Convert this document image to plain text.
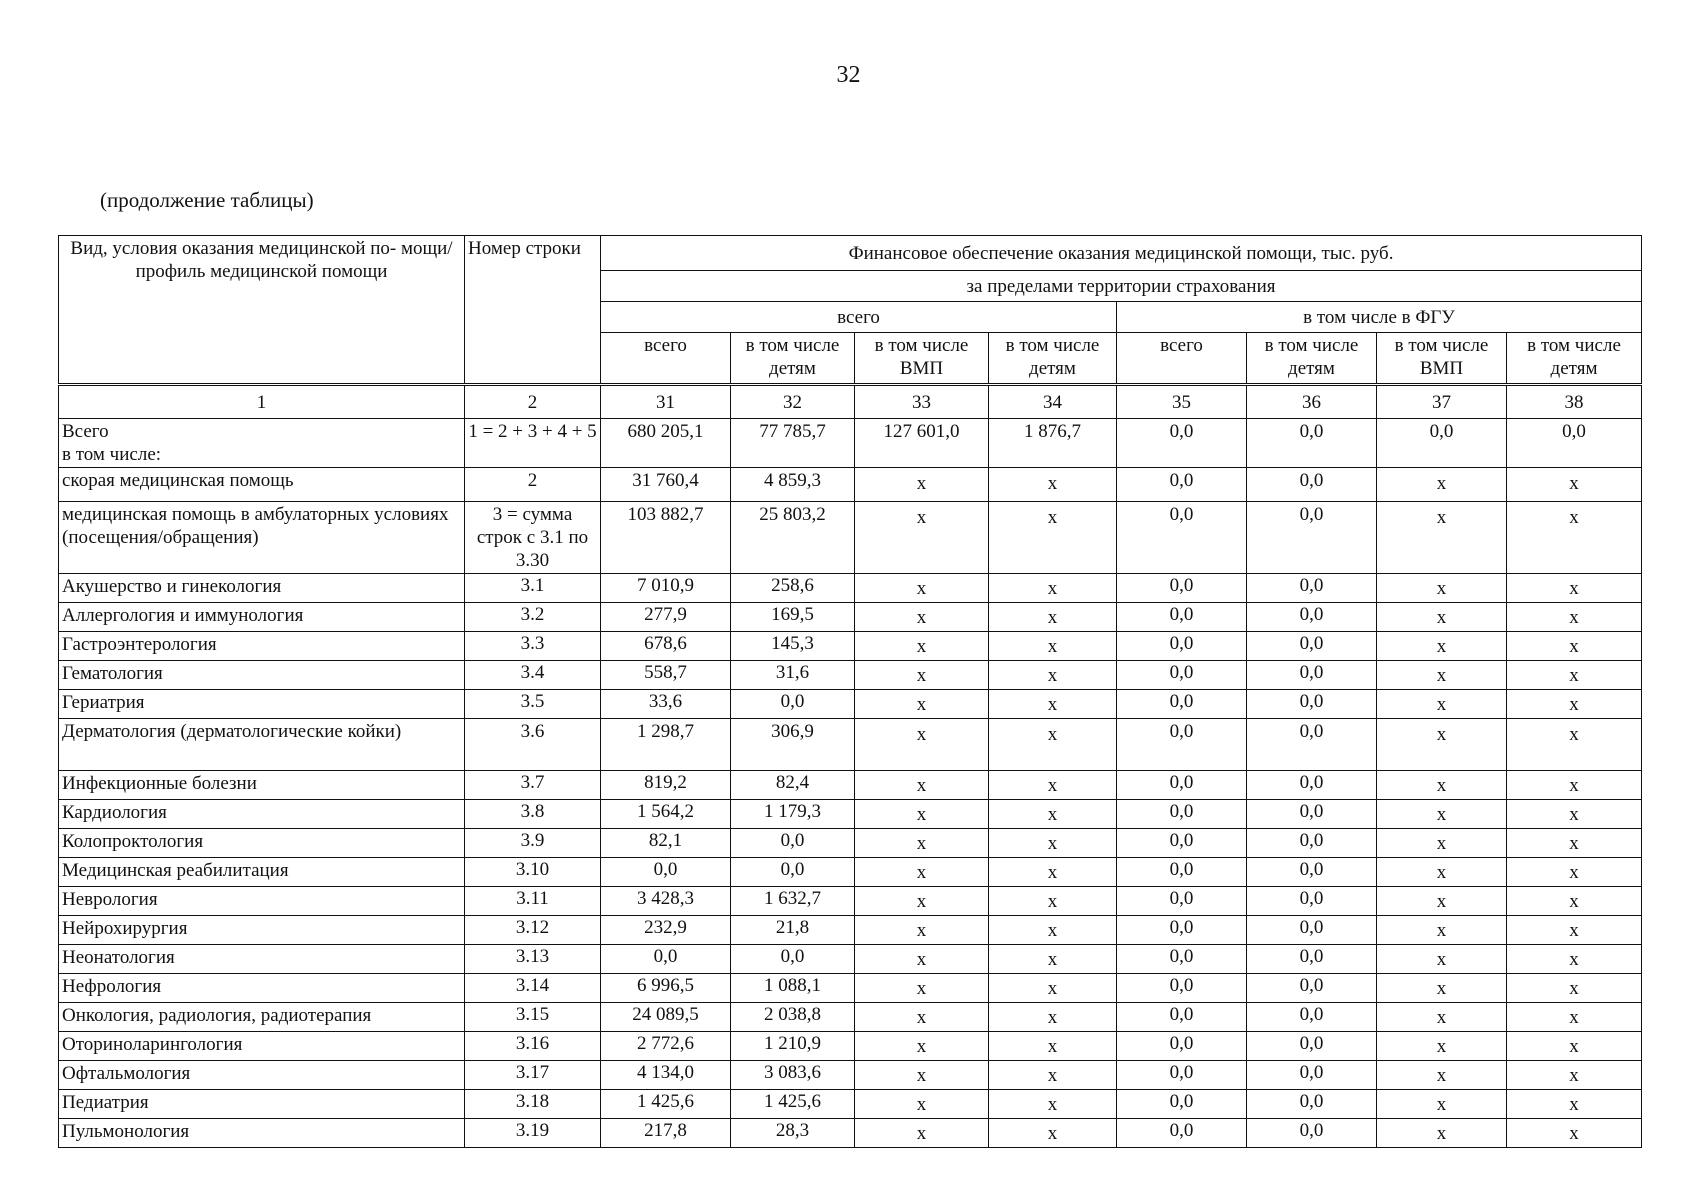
32
(продолжение таблицы)
Вид, условия оказания медицинской по- мощи/ профиль медицинской помощи	Номер строки	Финансовое обеспечение оказания медицинской помощи, тыс. руб.							
		за пределами территории страхования							
		всего				в том числе в ФГУ			
		всего	в том числе детям	в том числе ВМП	в том числе детям	всего	в том числе детям	в том числе ВМП	в том числе детям
1	2	31	32	33	34	35	36	37	38
Всего
в том числе:	1 = 2 + 3 + 4 + 5	680 205,1	77 785,7	127 601,0	1 876,7	0,0	0,0	0,0	0,0
скорая медицинская помощь	2	31 760,4	4 859,3	х	х	0,0	0,0	х	х
медицинская помощь в амбулаторных условиях (посещения/обращения)	3 = сумма строк с 3.1 по 3.30	103 882,7	25 803,2	х	х	0,0	0,0	х	х
Акушерство и гинекология	3.1	7 010,9	258,6	х	х	0,0	0,0	х	х
Аллергология и иммунология	3.2	277,9	169,5	х	х	0,0	0,0	х	х
Гастроэнтерология	3.3	678,6	145,3	х	х	0,0	0,0	х	х
Гематология	3.4	558,7	31,6	х	х	0,0	0,0	х	х
Гериатрия	3.5	33,6	0,0	х	х	0,0	0,0	х	х
Дерматология (дерматологические койки)	3.6	1 298,7	306,9	х	х	0,0	0,0	х	х
Инфекционные болезни	3.7	819,2	82,4	х	х	0,0	0,0	х	х
Кардиология	3.8	1 564,2	1 179,3	х	х	0,0	0,0	х	х
Колопроктология	3.9	82,1	0,0	х	х	0,0	0,0	х	х
Медицинская реабилитация	3.10	0,0	0,0	х	х	0,0	0,0	х	х
Неврология	3.11	3 428,3	1 632,7	х	х	0,0	0,0	х	х
Нейрохирургия	3.12	232,9	21,8	х	х	0,0	0,0	х	х
Неонатология	3.13	0,0	0,0	х	х	0,0	0,0	х	х
Нефрология	3.14	6 996,5	1 088,1	х	х	0,0	0,0	х	х
Онкология, радиология, радиотерапия	3.15	24 089,5	2 038,8	х	х	0,0	0,0	х	х
Оториноларингология	3.16	2 772,6	1 210,9	х	х	0,0	0,0	х	х
Офтальмология	3.17	4 134,0	3 083,6	х	х	0,0	0,0	х	х
Педиатрия	3.18	1 425,6	1 425,6	х	х	0,0	0,0	х	х
Пульмонология	3.19	217,8	28,3	х	х	0,0	0,0	х	х
